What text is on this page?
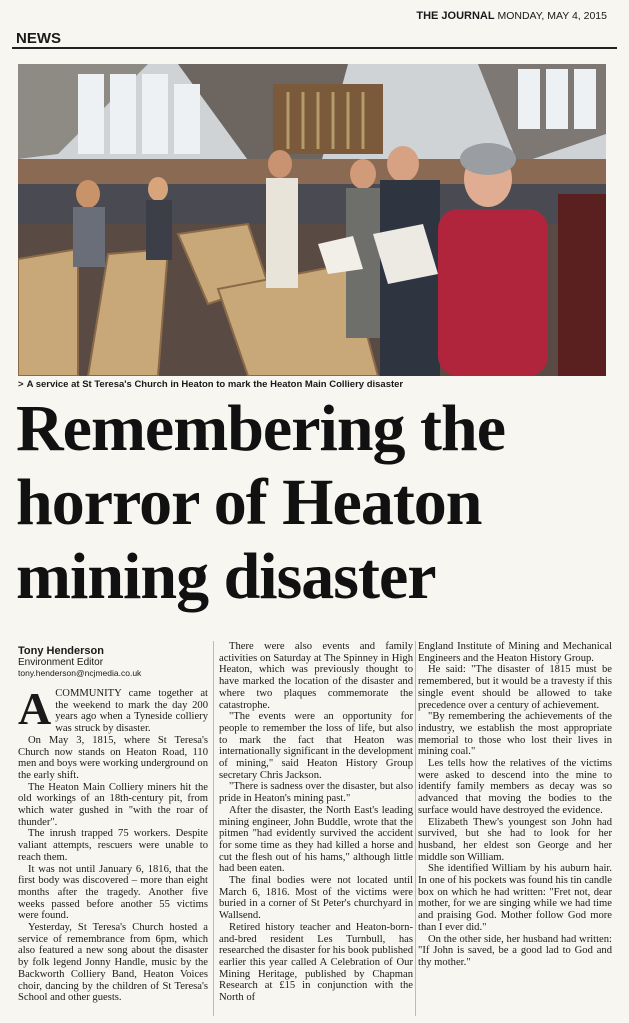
THE JOURNAL MONDAY, MAY 4, 2015
NEWS
> A service at St Teresa's Church in Heaton to mark the Heaton Main Colliery disaster
Remembering the
horror of Heaton
mining disaster
Tony Henderson
Environment Editor
tony.henderson@ncjmedia.co.uk

ACOMMUNITY came together at the weekend to mark the day 200 years ago when a Tyneside colliery was struck by disaster.

On May 3, 1815, where St Teresa's Church now stands on Heaton Road, 110 men and boys were working underground on the early shift.

The Heaton Main Colliery miners hit the old workings of an 18th-century pit, from which water gushed in "with the roar of thunder".

The inrush trapped 75 workers. Despite valiant attempts, rescuers were unable to reach them.

It was not until January 6, 1816, that the first body was discovered – more than eight months after the tragedy. Another five weeks passed before another 55 victims were found.

Yesterday, St Teresa's Church hosted a service of remembrance from 6pm, which also featured a new song about the disaster by folk legend Jonny Handle, music by the Backworth Colliery Band, Heaton Voices choir, dancing by the children of St Teresa's School and other guests.

There were also events and family activities on Saturday at The Spinney in High Heaton, which was previously thought to have marked the location of the disaster and where two plaques commemorate the catastrophe.

"The events were an opportunity for people to remember the loss of life, but also to mark the fact that Heaton was internationally significant in the development of mining," said Heaton History Group secretary Chris Jackson.

"There is sadness over the disaster, but also pride in Heaton's mining past."

After the disaster, the North East's leading mining engineer, John Buddle, wrote that the pitmen "had evidently survived the accident for some time as they had killed a horse and cut the flesh out of his hams," although little had been eaten.

The final bodies were not located until March 6, 1816. Most of the victims were buried in a corner of St Peter's churchyard in Wallsend.

Retired history teacher and Heaton-born-and-bred resident Les Turnbull, has researched the disaster for his book published earlier this year called A Celebration of Our Mining Heritage, published by Chapman Research at £15 in conjunction with the North of

England Institute of Mining and Mechanical Engineers and the Heaton History Group.

He said: "The disaster of 1815 must be remembered, but it would be a travesty if this single event should be allowed to take precedence over a century of achievement.

"By remembering the achievements of the industry, we establish the most appropriate memorial to those who lost their lives in mining coal."

Les tells how the relatives of the victims were asked to descend into the mine to identify family members as decay was so advanced that moving the bodies to the surface would have destroyed the evidence.

Elizabeth Thew's youngest son John had survived, but she had to look for her husband, her eldest son George and her middle son William.

She identified William by his auburn hair. In one of his pockets was found his tin candle box on which he had written: "Fret not, dear mother, for we are singing while we had time and praising God. Mother follow God more than I ever did."

On the other side, her husband had written: "If John is saved, be a good lad to God and thy mother."
